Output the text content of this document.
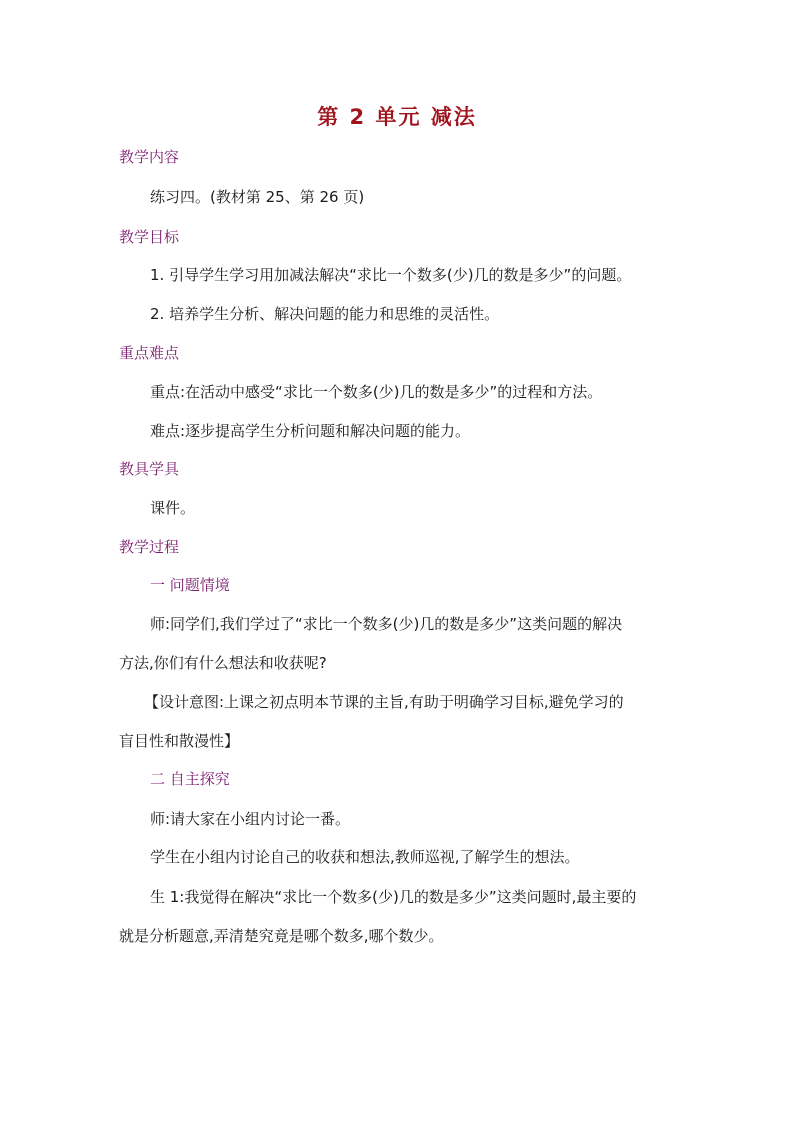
第 2 单元 减法
教学内容
练习四。(教材第 25、第 26 页)
教学目标
1. 引导学生学习用加减法解决“求比一个数多(少)几的数是多少”的问题。
2. 培养学生分析、解决问题的能力和思维的灵活性。
重点难点
重点:在活动中感受“求比一个数多(少)几的数是多少”的过程和方法。
难点:逐步提高学生分析问题和解决问题的能力。
教具学具
课件。
教学过程
一 问题情境
师:同学们,我们学过了“求比一个数多(少)几的数是多少”这类问题的解决
方法,你们有什么想法和收获呢?
【设计意图:上课之初点明本节课的主旨,有助于明确学习目标,避免学习的
盲目性和散漫性】
二 自主探究
师:请大家在小组内讨论一番。
学生在小组内讨论自己的收获和想法,教师巡视,了解学生的想法。
生 1:我觉得在解决“求比一个数多(少)几的数是多少”这类问题时,最主要的
就是分析题意,弄清楚究竟是哪个数多,哪个数少。
